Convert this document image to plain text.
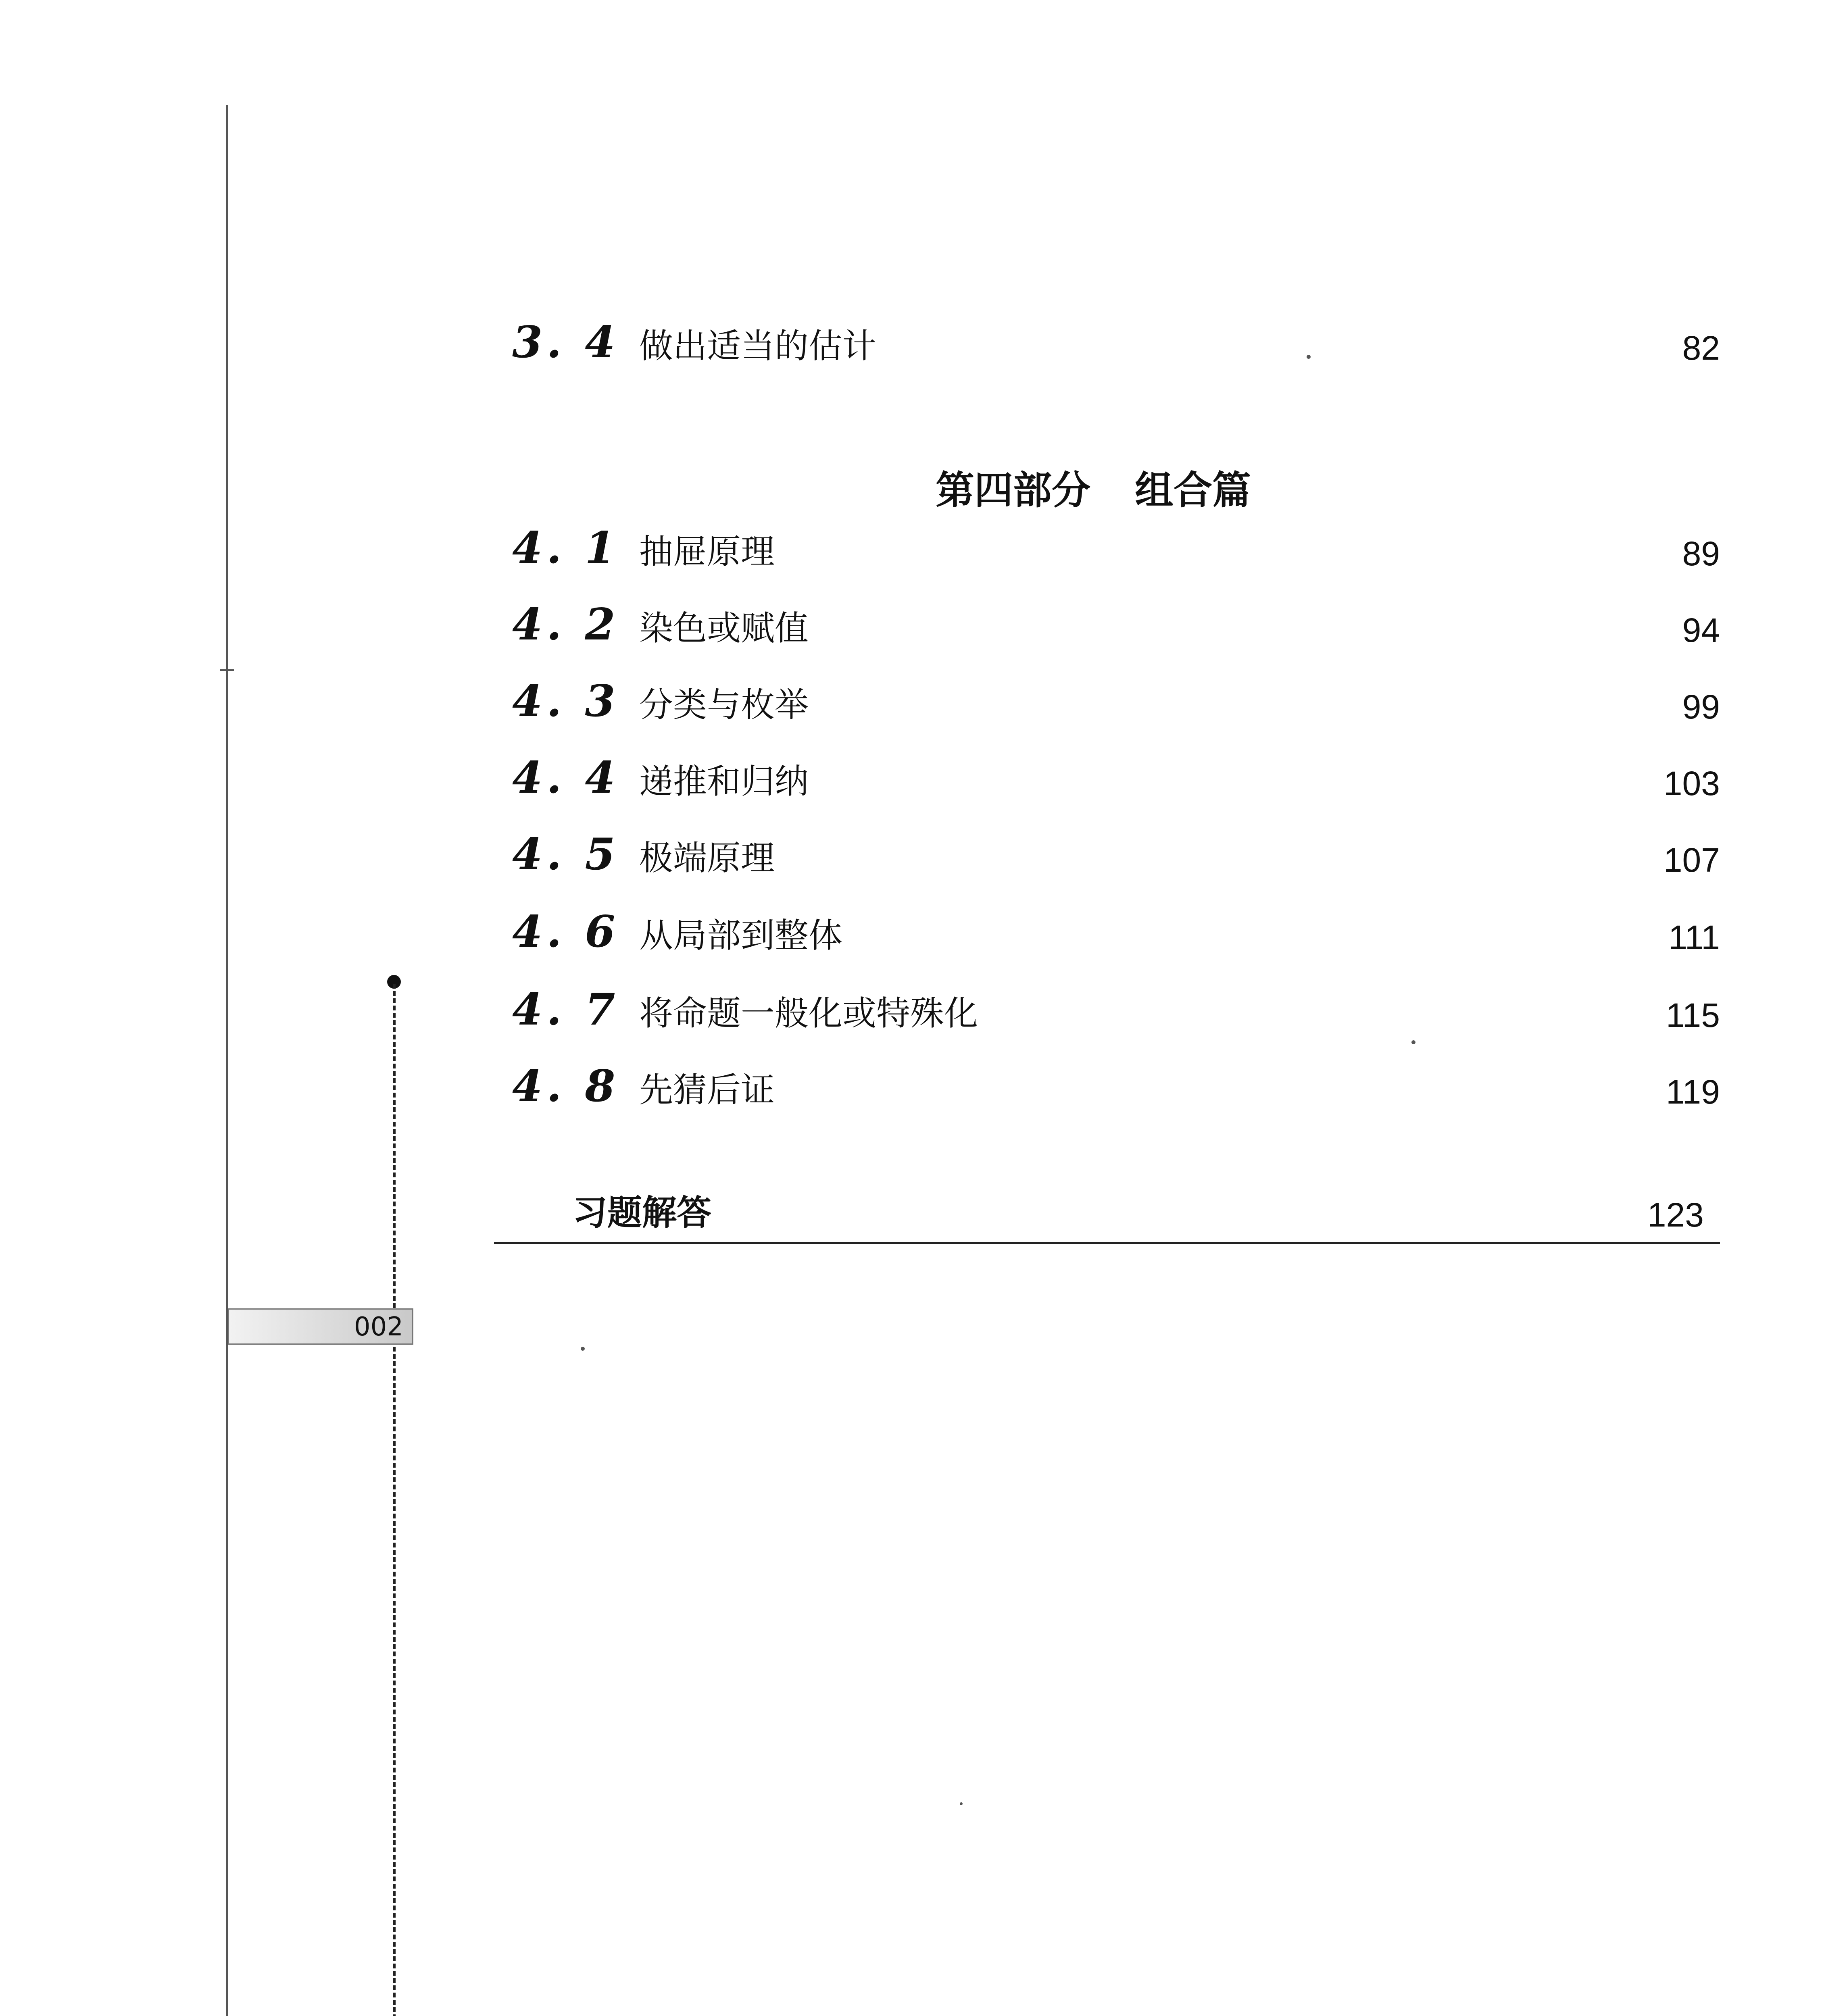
002
3. 4 做出适当的估计	82
第四部分 组合篇
4. 1 抽屉原理	89
4. 2 染色或赋值	94
4. 3 分类与枚举	99
4. 4 递推和归纳	103
4. 5 极端原理	107
4. 6 从局部到整体	111
4. 7 将命题一般化或特殊化	115
4. 8 先猜后证	119
习题解答	123
